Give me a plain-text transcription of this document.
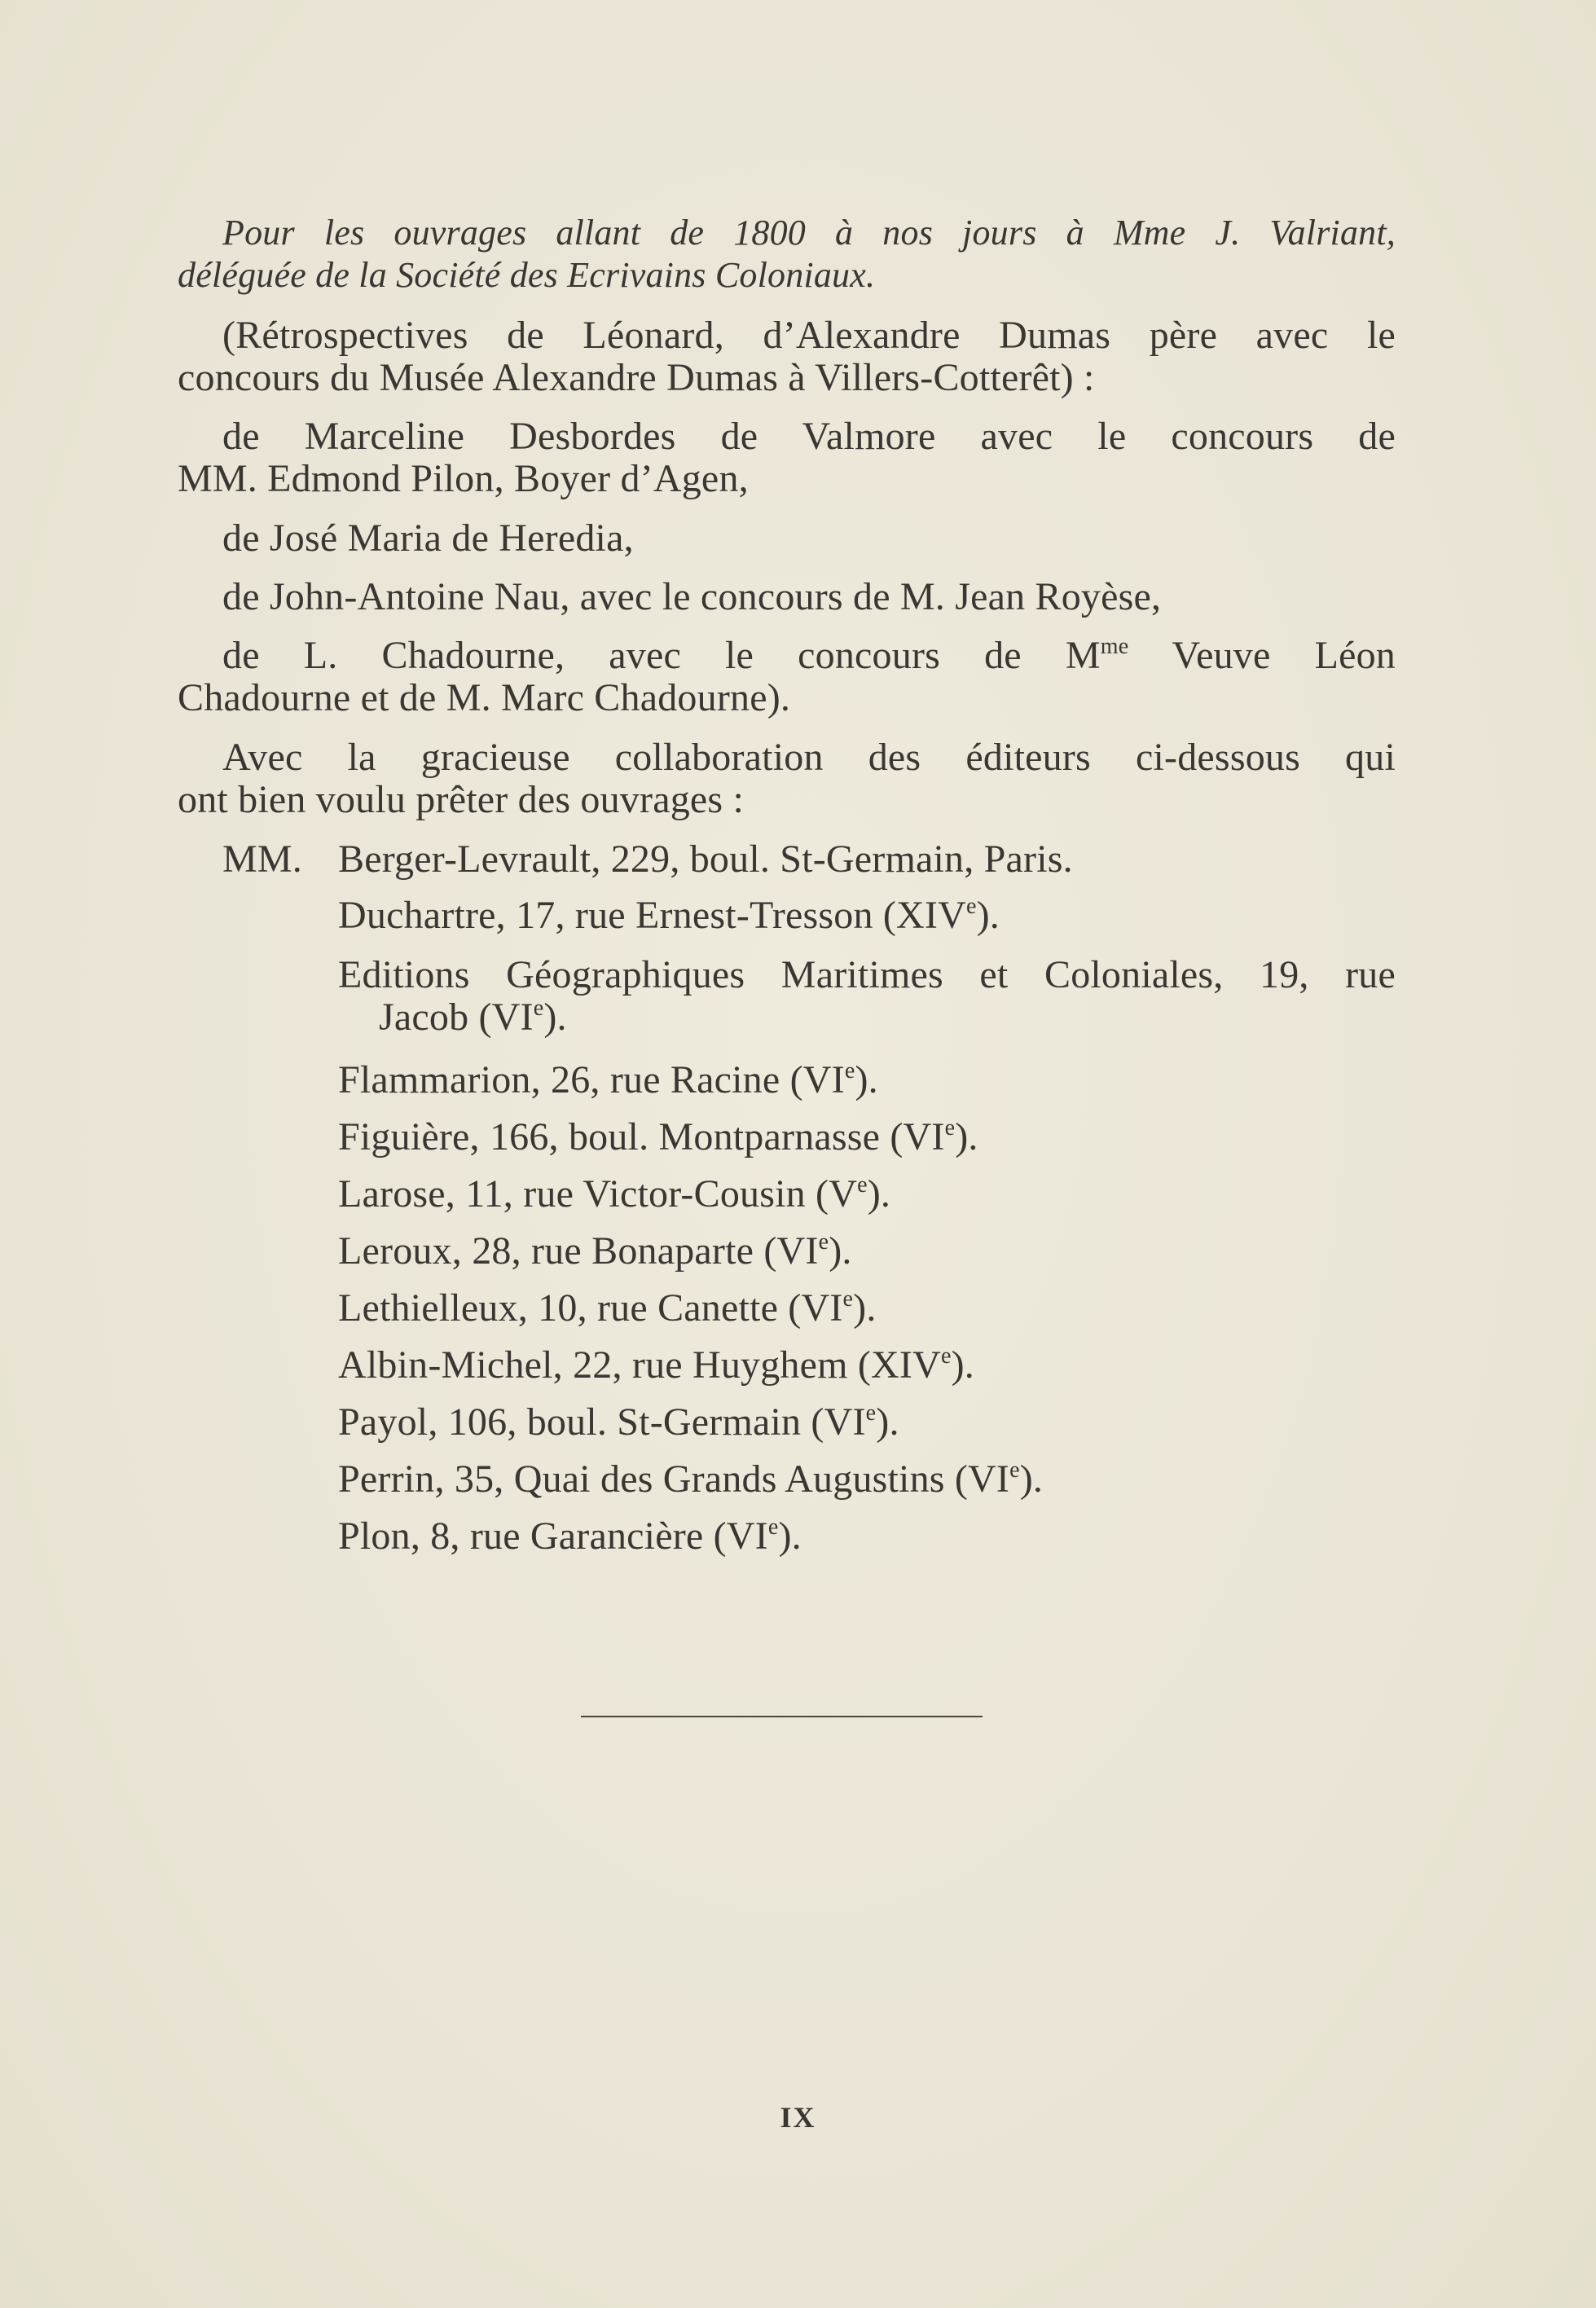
Pour les ouvrages allant de 1800 à nos jours à Mme J. Valriant,
déléguée de la Société des Ecrivains Coloniaux.
(Rétrospectives de Léonard, d’Alexandre Dumas père avec le
concours du Musée Alexandre Dumas à Villers-Cotterêt) :
de Marceline Desbordes de Valmore avec le concours de
MM. Edmond Pilon, Boyer d’Agen,
de José Maria de Heredia,
de John-Antoine Nau, avec le concours de M. Jean Royèse,
de L. Chadourne, avec le concours de $M^{me}$ Veuve Léon
Chadourne et de M. Marc Chadourne).
Avec la gracieuse collaboration des éditeurs ci-dessous qui
ont bien voulu prêter des ouvrages :
MM. Berger-Levrault, 229, boul. St-Germain, Paris.
Duchartre, 17, rue Ernest-Tresson (XIVe).
Editions Géographiques Maritimes et Coloniales, 19, rue
Jacob (VIe).
Flammarion, 26, rue Racine (VIe).
Figuière, 166, boul. Montparnasse (VIe).
Larose, 11, rue Victor-Cousin (Ve).
Leroux, 28, rue Bonaparte (VIe).
Lethielleux, 10, rue Canette (VIe).
Albin-Michel, 22, rue Huyghem (XIVe).
Payol, 106, boul. St-Germain (VIe).
Perrin, 35, Quai des Grands Augustins (VIe).
Plon, 8, rue Garancière (VIe).
IX
